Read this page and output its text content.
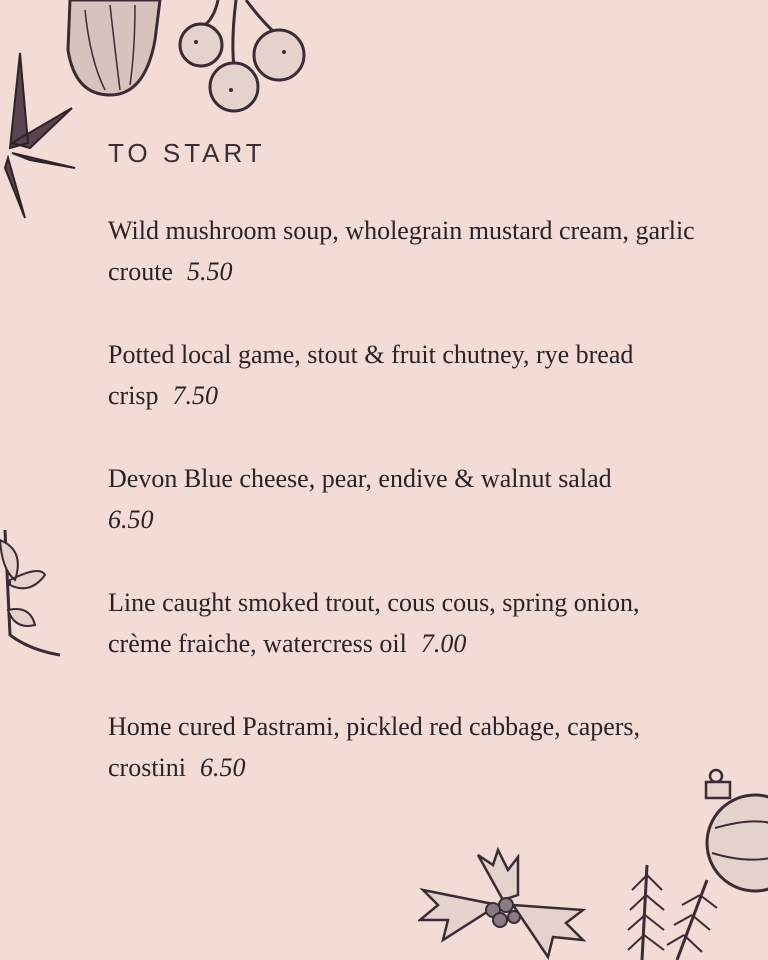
TO START
Wild mushroom soup, wholegrain mustard cream, garlic croute 5.50
Potted local game, stout & fruit chutney, rye bread crisp 7.50
Devon Blue cheese, pear, endive & walnut salad
6.50
Line caught smoked trout, cous cous, spring onion, crème fraiche, watercress oil 7.00
Home cured Pastrami, pickled red cabbage, capers, crostini 6.50
